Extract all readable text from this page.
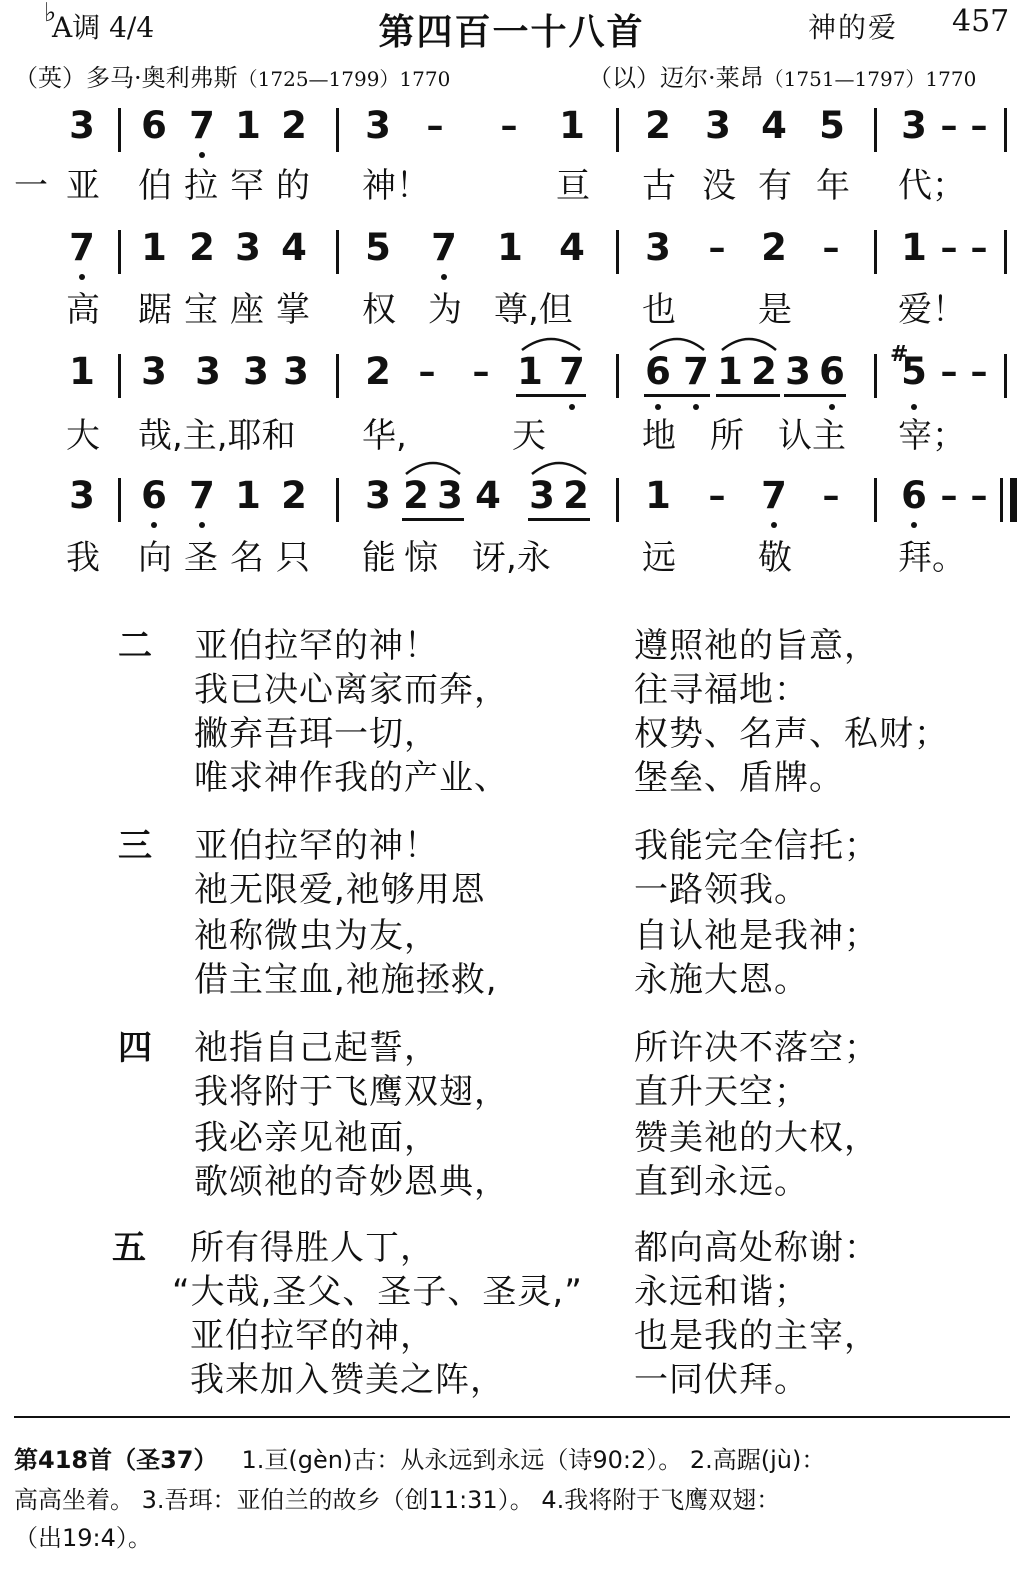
♭
A调 4/4	第四百一十八首	神的爱 457
（英）多马·奥利弗斯（1725—1799）1770	（以）迈尔·莱昂（1751—1797）1770
3 6 7 1 2 3 – – 1 2 3 4 5 3 – –
一 亚 伯 拉 罕 的 神！	亘 古 没 有 年 代；
7 1 2 3 4 5 7 1 4 3 – 2 – 1 – –
高 踞 宝 座 掌 权 为 尊,但 也 是	爱！
1 3 3 3 3 2 – – 1 7 6 7 1 2 3 6 #
5 – –
大 哉,主,耶和 华,	天	地 所 认主 宰；
3 6 7 1 2 3 2 3 4 3 2 1 – 7 – 6 – –
我 向 圣 名 只 能 惊 讶,永	远 敬	拜。
二 亚伯拉罕的神！	遵照祂的旨意，
我已决心离家而奔，	往寻福地：
撇弃吾珥一切，	权势、名声、私财；
唯求神作我的产业、	堡垒、盾牌。
三 亚伯拉罕的神！	我能完全信托；
祂无限爱,祂够用恩	一路领我。
祂称微虫为友，	自认祂是我神；
借主宝血,祂施拯救,	永施大恩。
四 祂指自己起誓，	所许决不落空；
我将附于飞鹰双翅，	直升天空；
我必亲见祂面，	赞美祂的大权，
歌颂祂的奇妙恩典，	直到永远。
五 所有得胜人丁，	都向高处称谢：
“大哉,圣父、圣子、圣灵,” 永远和谐；
亚伯拉罕的神，	也是我的主宰，
我来加入赞美之阵，	一同伏拜。
第418首（圣37） 1.亘(gèn)古：从永远到永远（诗90:2）。 2.高踞(jù)：
高高坐着。 3.吾珥：亚伯兰的故乡（创11:31）。 4.我将附于飞鹰双翅：
（出19:4）。
